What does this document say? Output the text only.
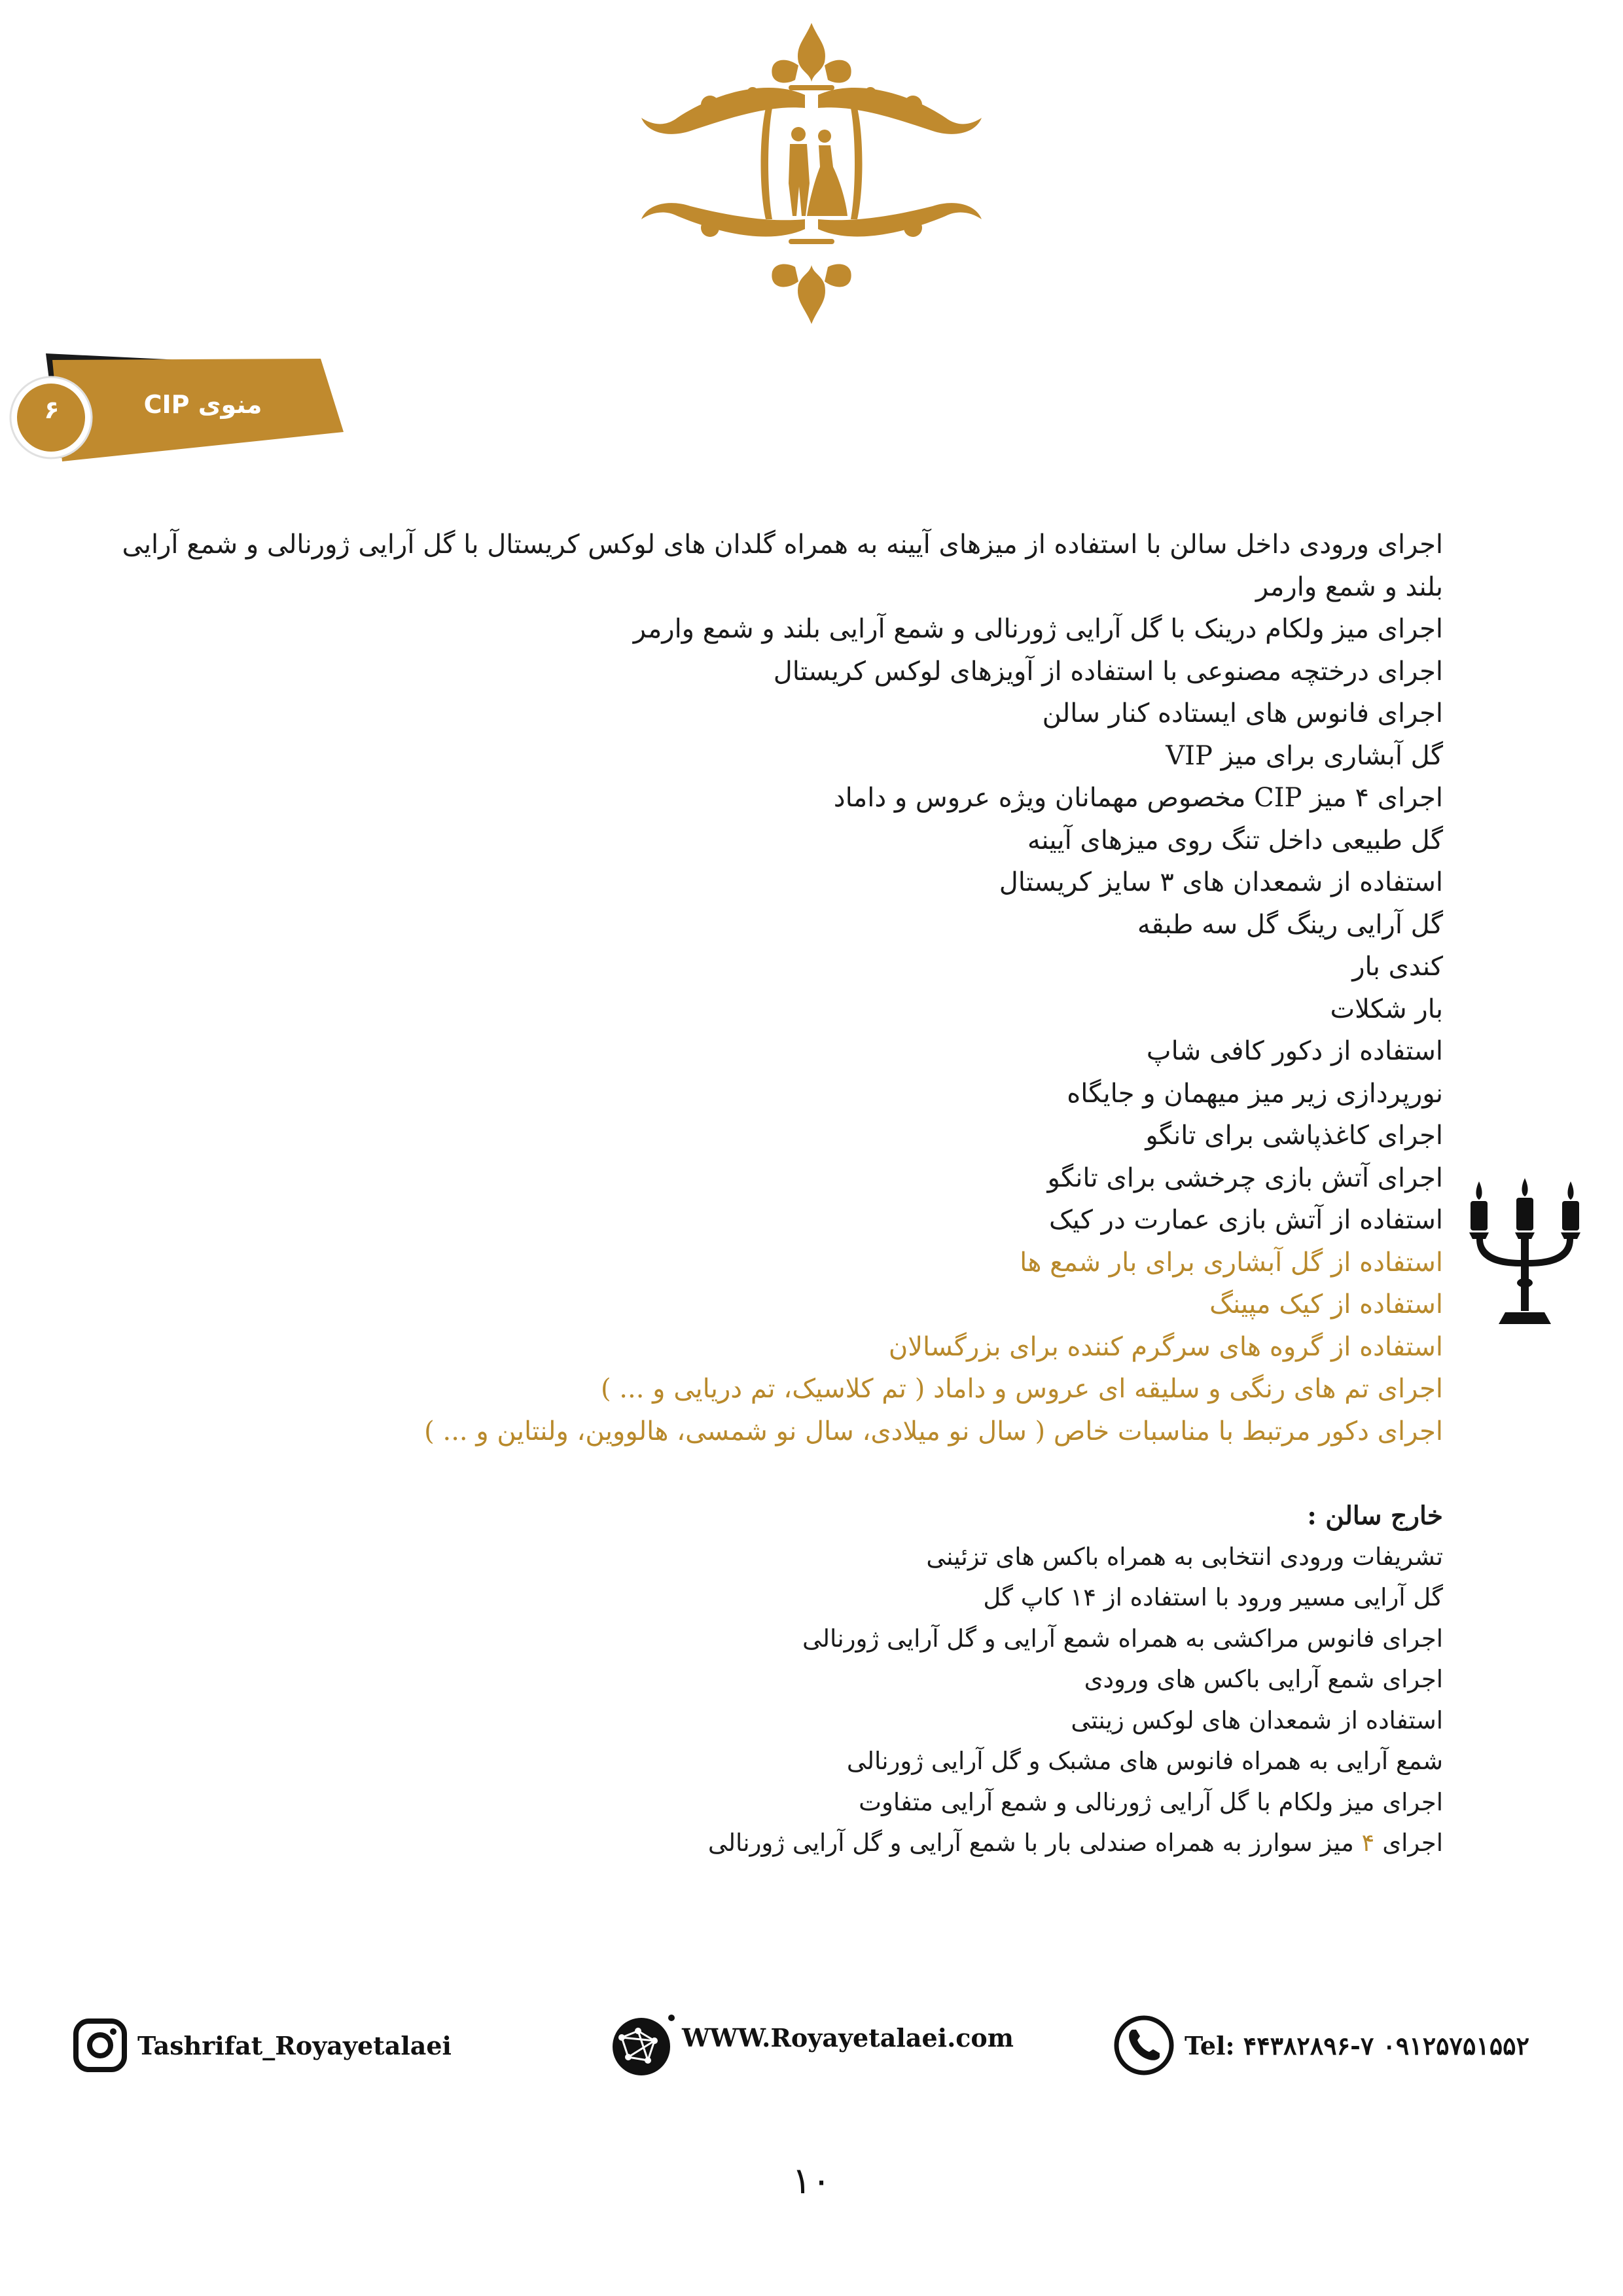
منوی CIP
۶
اجرای ورودی داخل سالن با استفاده از میزهای آیینه به همراه گلدان های لوکس کریستال با گل آرایی ژورنالی و شمع آرایی بلند و شمع وارمر
اجرای میز ولکام درینک با گل آرایی ژورنالی و شمع آرایی بلند و شمع وارمر
اجرای درختچه مصنوعی با استفاده از آویزهای لوکس کریستال
اجرای فانوس های ایستاده کنار سالن
گل آبشاری برای میز VIP
اجرای ۴ میز CIP مخصوص مهمانان ویژه عروس و داماد
گل طبیعی داخل تنگ روی میزهای آیینه
استفاده از شمعدان های ۳ سایز کریستال
گل آرایی رینگ گل سه طبقه
کندی بار
بار شکلات
استفاده از دکور کافی شاپ
نورپردازی زیر میز میهمان و جایگاه
اجرای کاغذپاشی برای تانگو
اجرای آتش بازی چرخشی برای تانگو
استفاده از آتش بازی عمارت در کیک
استفاده از گل آبشاری برای بار شمع ها
استفاده از کیک مپینگ
استفاده از گروه های سرگرم کننده برای بزرگسالان
اجرای تم های رنگی و سلیقه ای عروس و داماد ( تم کلاسیک، تم دریایی و ... )
اجرای دکور مرتبط با مناسبات خاص ( سال نو میلادی، سال نو شمسی، هالووین، ولنتاین و ... )
خارج سالن :
تشریفات ورودی انتخابی به همراه باکس های تزئینی
گل آرایی مسیر ورود با استفاده از ۱۴ کاپ گل
اجرای فانوس مراکشی به همراه شمع آرایی و گل آرایی ژورنالی
اجرای شمع آرایی باکس های ورودی
استفاده از شمعدان های لوکس زینتی
شمع آرایی به همراه فانوس های مشبک و گل آرایی ژورنالی
اجرای میز ولکام با گل آرایی ژورنالی و شمع آرایی متفاوت
اجرای ۴ میز سوارز به همراه صندلی بار با شمع آرایی و گل آرایی ژورنالی
Tashrifat_Royayetalaei	WWW.Royayetalaei.com	Tel: ۴۴۳۸۲۸۹۶-۷ ۰۹۱۲۵۷۵۱۵۵۲
۱۰
